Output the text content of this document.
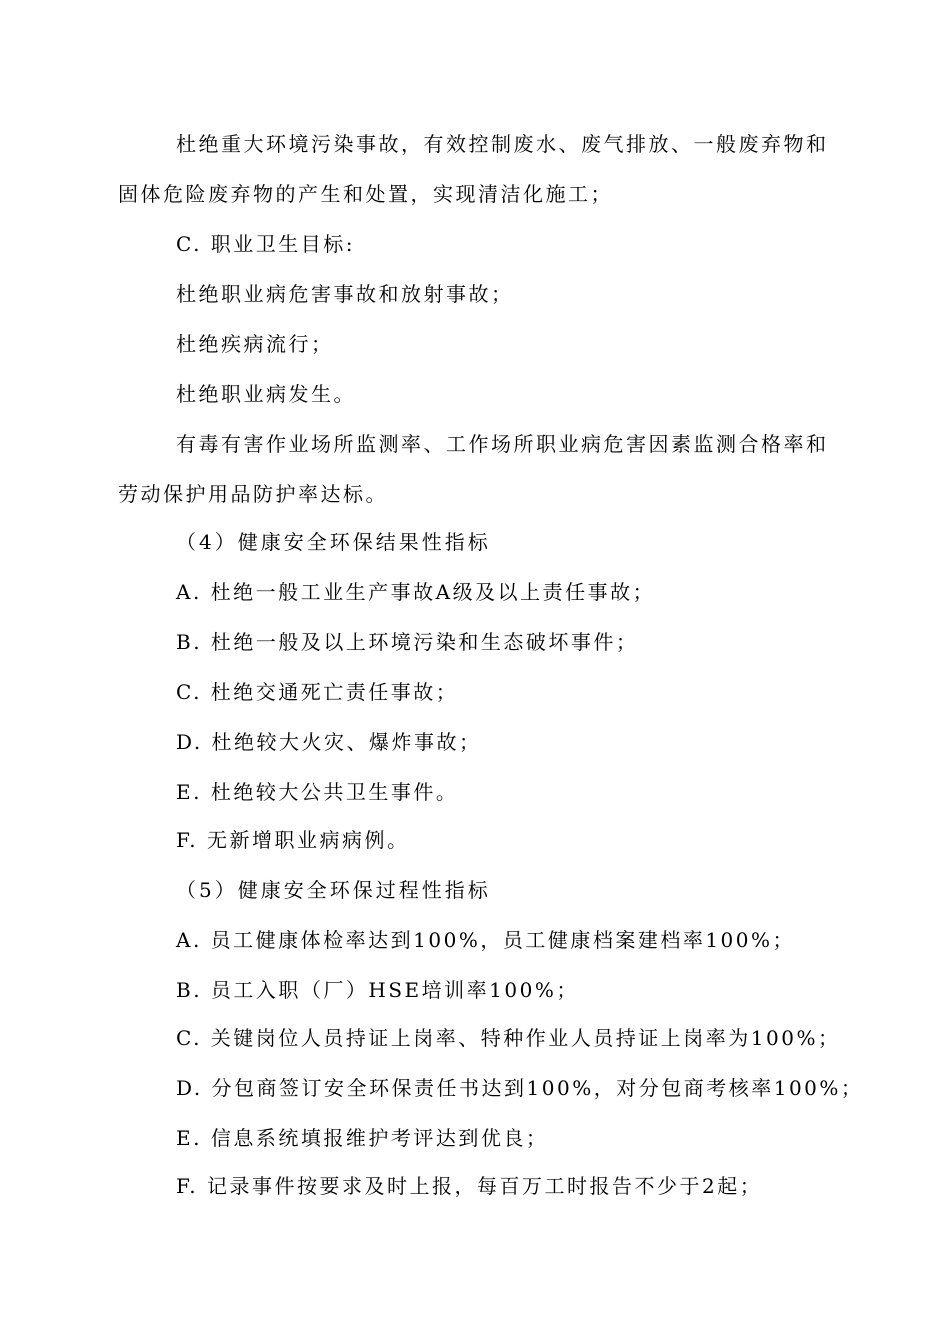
杜绝重大环境污染事故，有效控制废水、废气排放、一般废弃物和
固体危险废弃物的产生和处置，实现清洁化施工；
C. 职业卫生目标:
杜绝职业病危害事故和放射事故；
杜绝疾病流行；
杜绝职业病发生。
有毒有害作业场所监测率、工作场所职业病危害因素监测合格率和
劳动保护用品防护率达标。
（4）健康安全环保结果性指标
A. 杜绝一般工业生产事故A级及以上责任事故；
B. 杜绝一般及以上环境污染和生态破坏事件；
C. 杜绝交通死亡责任事故；
D. 杜绝较大火灾、爆炸事故；
E. 杜绝较大公共卫生事件。
F. 无新增职业病病例。
（5）健康安全环保过程性指标
A. 员工健康体检率达到100%，员工健康档案建档率100%；
B. 员工入职（厂）HSE培训率100%；
C. 关键岗位人员持证上岗率、特种作业人员持证上岗率为100%；
D. 分包商签订安全环保责任书达到100%，对分包商考核率100%；
E. 信息系统填报维护考评达到优良；
F. 记录事件按要求及时上报，每百万工时报告不少于2起；
